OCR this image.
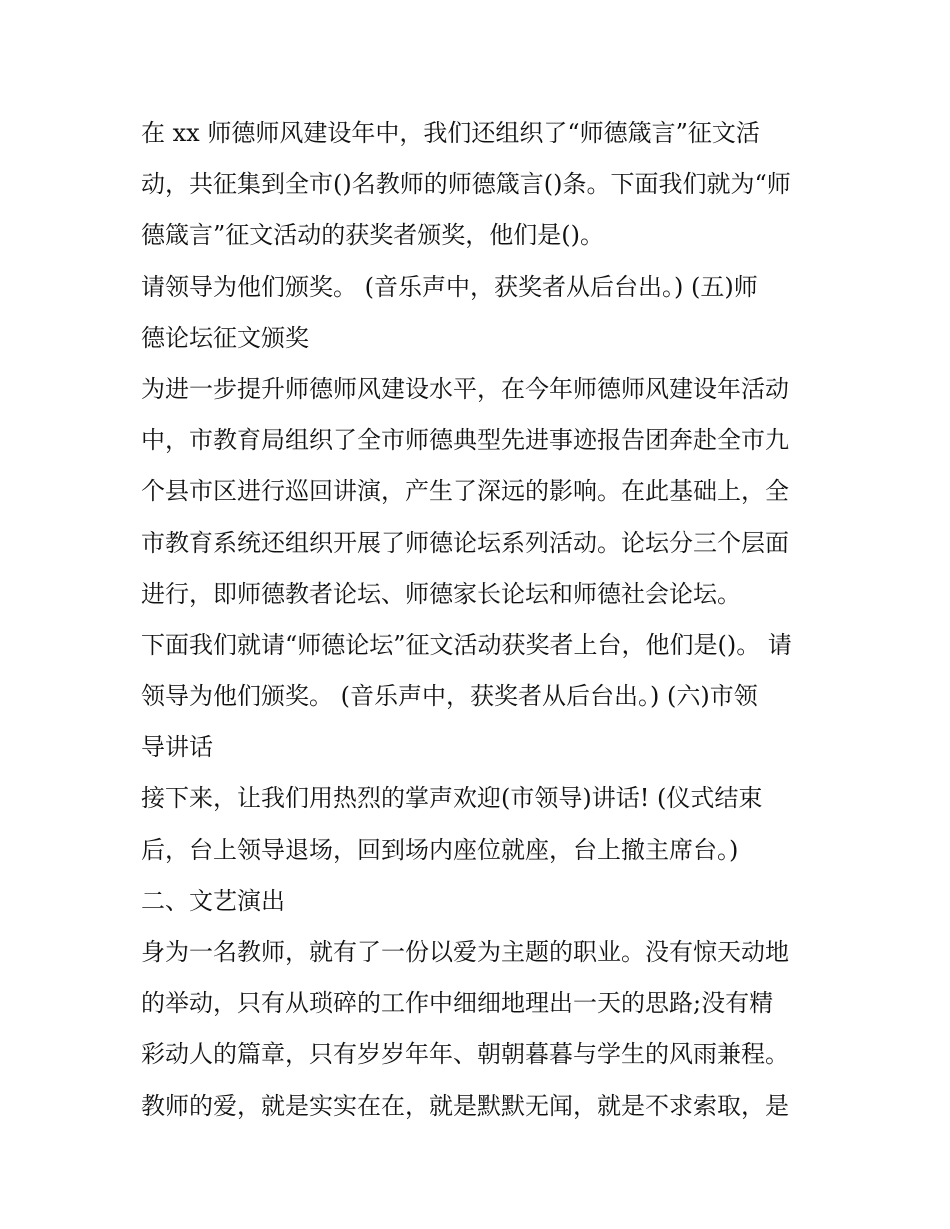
在 xx 师德师风建设年中，我们还组织了“师德箴言”征文活
动，共征集到全市()名教师的师德箴言()条。下面我们就为“师
德箴言”征文活动的获奖者颁奖，他们是()。
请领导为他们颁奖。 (音乐声中，获奖者从后台出。) (五)师
德论坛征文颁奖
为进一步提升师德师风建设水平，在今年师德师风建设年活动
中，市教育局组织了全市师德典型先进事迹报告团奔赴全市九
个县市区进行巡回讲演，产生了深远的影响。在此基础上，全
市教育系统还组织开展了师德论坛系列活动。论坛分三个层面
进行，即师德教者论坛、师德家长论坛和师德社会论坛。
下面我们就请“师德论坛”征文活动获奖者上台，他们是()。 请
领导为他们颁奖。 (音乐声中，获奖者从后台出。) (六)市领
导讲话
接下来，让我们用热烈的掌声欢迎(市领导)讲话! (仪式结束
后，台上领导退场，回到场内座位就座，台上撤主席台。)
二、文艺演出
身为一名教师，就有了一份以爱为主题的职业。没有惊天动地
的举动，只有从琐碎的工作中细细地理出一天的思路;没有精
彩动人的篇章，只有岁岁年年、朝朝暮暮与学生的风雨兼程。
教师的爱，就是实实在在，就是默默无闻，就是不求索取，是
